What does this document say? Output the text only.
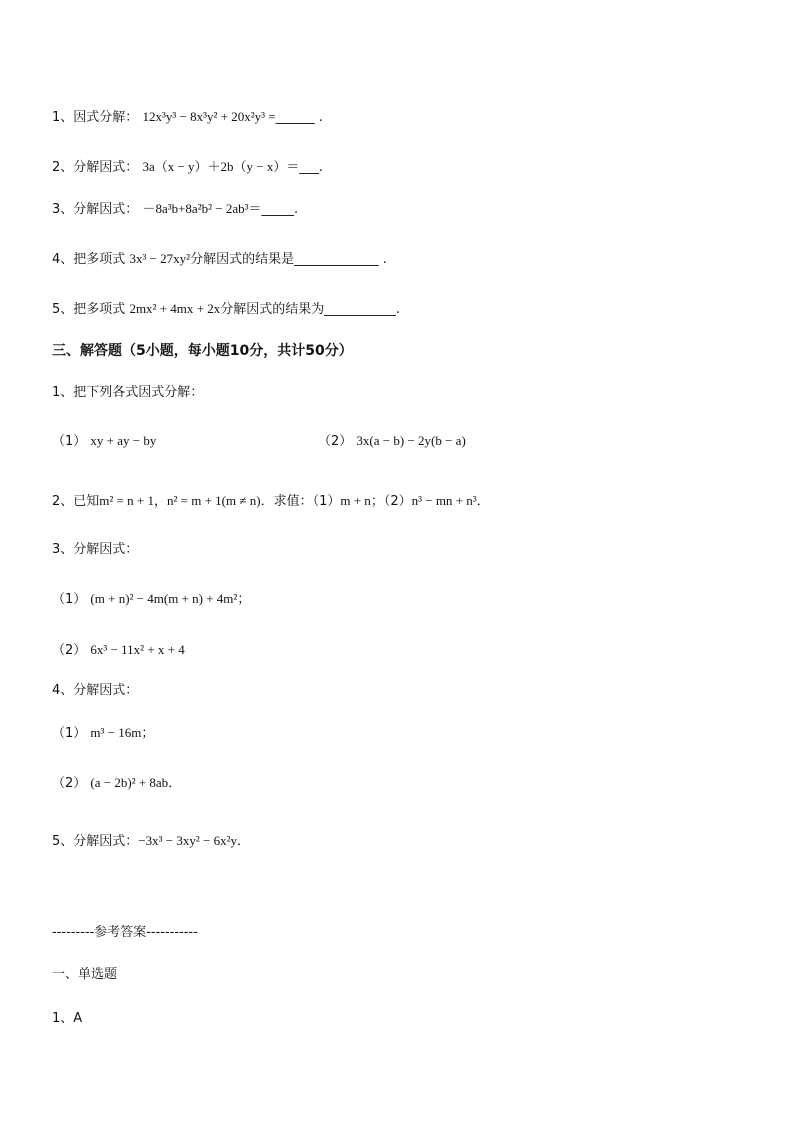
1、因式分解： 12x³y³ − 8x³y² + 20x²y³ =______ .
2、分解因式： 3a（x − y）＋2b（y − x）＝___.
3、分解因式： －8a³b+8a²b² − 2ab³＝_____.
4、把多项式 3x³ − 27xy²分解因式的结果是_____________ .
5、把多项式 2mx² + 4mx + 2x分解因式的结果为___________.
三、解答题（5小题，每小题10分，共计50分）
1、把下列各式因式分解：
（1） xy + ay − by	（2） 3x(a − b) − 2y(b − a)
2、已知m² = n + 1，n² = m + 1(m ≠ n)．求值：（1）m + n；（2）n³ − mn + n³．
3、分解因式：
（1） (m + n)² − 4m(m + n) + 4m²；
（2） 6x³ − 11x² + x + 4
4、分解因式：
（1） m³ − 16m；
（2） (a − 2b)² + 8ab．
5、分解因式：−3x³ − 3xy² − 6x²y．
---------参考答案-----------
一、单选题
1、A
